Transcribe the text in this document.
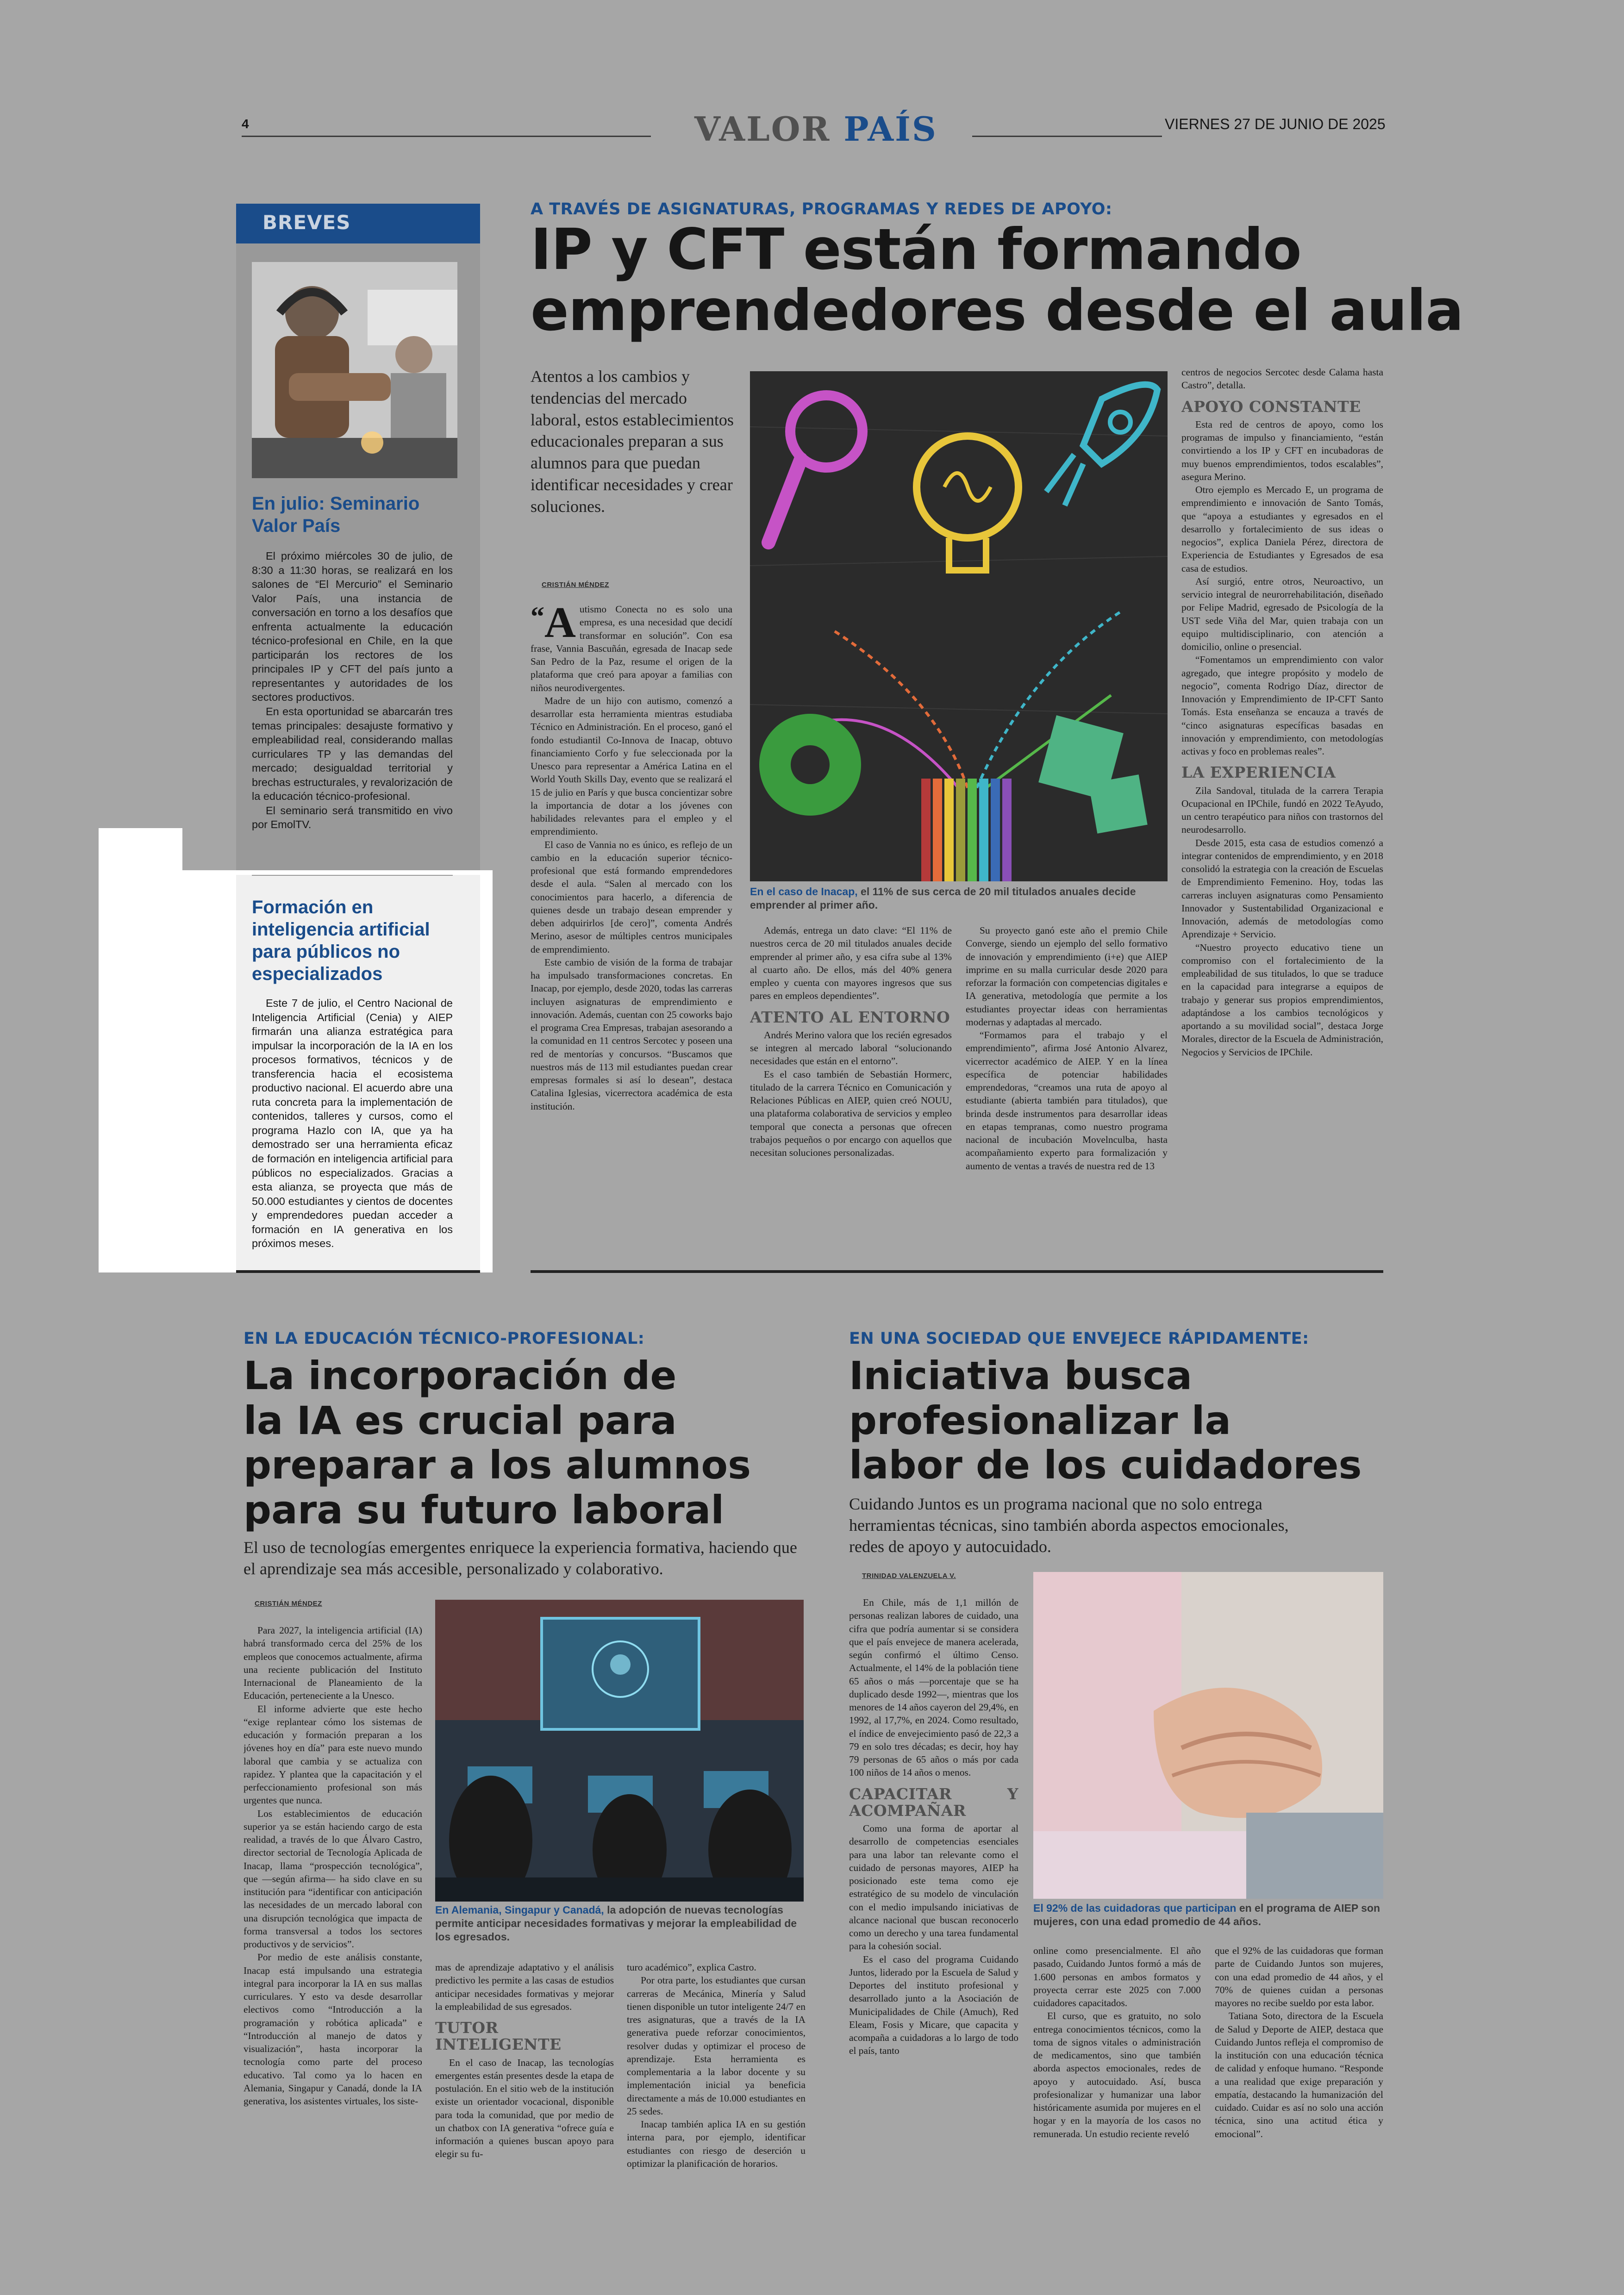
4	VALOR PAÍS	VIERNES 27 DE JUNIO DE 2025
BREVES
En julio: Seminario Valor País

El próximo miércoles 30 de julio, de 8:30 a 11:30 horas, se realizará en los salones de “El Mercurio” el Seminario Valor País, una instancia de conversación en torno a los desafíos que enfrenta actualmente la educación técnico-profesional en Chile, en la que participarán los rectores de los principales IP y CFT del país junto a representantes y autoridades de los sectores productivos.

En esta oportunidad se abarcarán tres temas principales: desajuste formativo y empleabilidad real, considerando mallas curriculares TP y las demandas del mercado; desigualdad territorial y brechas estructurales, y revalorización de la educación técnico-profesional.

El seminario será transmitido en vivo por EmolTV.

Formación en inteligencia artificial para públicos no especializados

Este 7 de julio, el Centro Nacional de Inteligencia Artificial (Cenia) y AIEP firmarán una alianza estratégica para impulsar la incorporación de la IA en los procesos formativos, técnicos y de transferencia hacia el ecosistema productivo nacional. El acuerdo abre una ruta concreta para la implementación de contenidos, talleres y cursos, como el programa Hazlo con IA, que ya ha demostrado ser una herramienta eficaz de formación en inteligencia artificial para públicos no especializados. Gracias a esta alianza, se proyecta que más de 50.000 estudiantes y cientos de docentes y emprendedores puedan acceder a formación en IA generativa en los próximos meses.

A TRAVÉS DE ASIGNATURAS, PROGRAMAS Y REDES DE APOYO:
IP y CFT están formando
emprendedores desde el aula
Atentos a los cambios y tendencias del mercado laboral, estos establecimientos educacionales preparan a sus alumnos para que puedan identificar necesidades y crear soluciones.
CRISTIÁN MÉNDEZ
“A utismo Conecta no es solo una empresa, es una necesidad que decidí transformar en solución”. Con esa frase, Vannia Bascuñán, egresada de Inacap sede San Pedro de la Paz, resume el origen de la plataforma que creó para apoyar a familias con niños neurodivergentes.

Madre de un hijo con autismo, comenzó a desarrollar esta herramienta mientras estudiaba Técnico en Administración. En el proceso, ganó el fondo estudiantil Co-Innova de Inacap, obtuvo financiamiento Corfo y fue seleccionada por la Unesco para representar a América Latina en el World Youth Skills Day, evento que se realizará el 15 de julio en París y que busca concientizar sobre la importancia de dotar a los jóvenes con habilidades relevantes para el empleo y el emprendimiento.

El caso de Vannia no es único, es reflejo de un cambio en la educación superior técnico-profesional que está formando emprendedores desde el aula. “Salen al mercado con los conocimientos para hacerlo, a diferencia de quienes desde un trabajo desean emprender y deben adquirirlos [de cero]”, comenta Andrés Merino, asesor de múltiples centros municipales de emprendimiento.

Este cambio de visión de la forma de trabajar ha impulsado transformaciones concretas. En Inacap, por ejemplo, desde 2020, todas las carreras incluyen asignaturas de emprendimiento e innovación. Además, cuentan con 25 coworks bajo el programa Crea Empresas, trabajan asesorando a la comunidad en 11 centros Sercotec y poseen una red de mentorías y concursos. “Buscamos que nuestros más de 113 mil estudiantes puedan crear empresas formales si así lo desean”, destaca Catalina Iglesias, vicerrectora académica de esta institución.

En el caso de Inacap, el 11% de sus cerca de 20 mil titulados anuales decide emprender al primer año.

Además, entrega un dato clave: “El 11% de nuestros cerca de 20 mil titulados anuales decide emprender al primer año, y esa cifra sube al 13% al cuarto año. De ellos, más del 40% genera empleo y cuenta con mayores ingresos que sus pares en empleos dependientes”.

ATENTO AL ENTORNO

Andrés Merino valora que los recién egresados se integren al mercado laboral “solucionando necesidades que están en el entorno”.

Es el caso también de Sebastián Hormerc, titulado de la carrera Técnico en Comunicación y Relaciones Públicas en AIEP, quien creó NOUU, una plataforma colaborativa de servicios y empleo temporal que conecta a personas que ofrecen trabajos pequeños o por encargo con aquellos que necesitan soluciones personalizadas.

Su proyecto ganó este año el premio Chile Converge, siendo un ejemplo del sello formativo de innovación y emprendimiento (i+e) que AIEP imprime en su malla curricular desde 2020 para reforzar la formación con competencias digitales e IA generativa, metodología que permite a los estudiantes proyectar ideas con herramientas modernas y adaptadas al mercado.

“Formamos para el trabajo y el emprendimiento”, afirma José Antonio Alvarez, vicerrector académico de AIEP. Y en la línea específica de potenciar habilidades emprendedoras, “creamos una ruta de apoyo al estudiante (abierta también para titulados), que brinda desde instrumentos para desarrollar ideas en etapas tempranas, como nuestro programa nacional de incubación Movelnculba, hasta acompañamiento experto para formalización y aumento de ventas a través de nuestra red de 13

centros de negocios Sercotec desde Calama hasta Castro”, detalla.

APOYO CONSTANTE

Esta red de centros de apoyo, como los programas de impulso y financiamiento, “están convirtiendo a los IP y CFT en incubadoras de muy buenos emprendimientos, todos escalables”, asegura Merino.

Otro ejemplo es Mercado E, un programa de emprendimiento e innovación de Santo Tomás, que “apoya a estudiantes y egresados en el desarrollo y fortalecimiento de sus ideas o negocios”, explica Daniela Pérez, directora de Experiencia de Estudiantes y Egresados de esa casa de estudios.

Así surgió, entre otros, Neuroactivo, un servicio integral de neurorrehabilitación, diseñado por Felipe Madrid, egresado de Psicología de la UST sede Viña del Mar, quien trabaja con un equipo multidisciplinario, con atención a domicilio, online o presencial.

“Fomentamos un emprendimiento con valor agregado, que integre propósito y modelo de negocio”, comenta Rodrigo Díaz, director de Innovación y Emprendimiento de IP-CFT Santo Tomás. Esta enseñanza se encauza a través de “cinco asignaturas específicas basadas en innovación y emprendimiento, con metodologías activas y foco en problemas reales”.

LA EXPERIENCIA

Zila Sandoval, titulada de la carrera Terapia Ocupacional en IPChile, fundó en 2022 TeAyudo, un centro terapéutico para niños con trastornos del neurodesarrollo.

Desde 2015, esta casa de estudios comenzó a integrar contenidos de emprendimiento, y en 2018 consolidó la estrategia con la creación de Escuelas de Emprendimiento Femenino. Hoy, todas las carreras incluyen asignaturas como Pensamiento Innovador y Sustentabilidad Organizacional e Innovación, además de metodologías como Aprendizaje + Servicio.

“Nuestro proyecto educativo tiene un compromiso con el fortalecimiento de la empleabilidad de sus titulados, lo que se traduce en la capacidad para integrarse a equipos de trabajo y generar sus propios emprendimientos, adaptándose a los cambios tecnológicos y aportando a su movilidad social”, destaca Jorge Morales, director de la Escuela de Administración, Negocios y Servicios de IPChile.

EN LA EDUCACIÓN TÉCNICO-PROFESIONAL:
La incorporación de
la IA es crucial para
preparar a los alumnos
para su futuro laboral
El uso de tecnologías emergentes enriquece la experiencia formativa, haciendo que el aprendizaje sea más accesible, personalizado y colaborativo.
CRISTIÁN MÉNDEZ

Para 2027, la inteligencia artificial (IA) habrá transformado cerca del 25% de los empleos que conocemos actualmente, afirma una reciente publicación del Instituto Internacional de Planeamiento de la Educación, perteneciente a la Unesco.

El informe advierte que este hecho “exige replantear cómo los sistemas de educación y formación preparan a los jóvenes hoy en día” para este nuevo mundo laboral que cambia y se actualiza con rapidez. Y plantea que la capacitación y el perfeccionamiento profesional son más urgentes que nunca.

Los establecimientos de educación superior ya se están haciendo cargo de esta realidad, a través de lo que Álvaro Castro, director sectorial de Tecnología Aplicada de Inacap, llama “prospección tecnológica”, que —según afirma— ha sido clave en su institución para “identificar con anticipación las necesidades de un mercado laboral con una disrupción tecnológica que impacta de forma transversal a todos los sectores productivos y de servicios”.

Por medio de este análisis constante, Inacap está impulsando una estrategia integral para incorporar la IA en sus mallas curriculares. Y esto va desde desarrollar electivos como “Introducción a la programación y robótica aplicada” e “Introducción al manejo de datos y visualización”, hasta incorporar la tecnología como parte del proceso educativo. Tal como ya lo hacen en Alemania, Singapur y Canadá, donde la IA generativa, los asistentes virtuales, los siste-

En Alemania, Singapur y Canadá, la adopción de nuevas tecnologías permite anticipar necesidades formativas y mejorar la empleabilidad de los egresados.

mas de aprendizaje adaptativo y el análisis predictivo les permite a las casas de estudios anticipar necesidades formativas y mejorar la empleabilidad de sus egresados.

TUTOR INTELIGENTE

En el caso de Inacap, las tecnologías emergentes están presentes desde la etapa de postulación. En el sitio web de la institución existe un orientador vocacional, disponible para toda la comunidad, que por medio de un chatbox con IA generativa “ofrece guía e información a quienes buscan apoyo para elegir su fu-

turo académico”, explica Castro.

Por otra parte, los estudiantes que cursan carreras de Mecánica, Minería y Salud tienen disponible un tutor inteligente 24/7 en tres asignaturas, que a través de la IA generativa puede reforzar conocimientos, resolver dudas y optimizar el proceso de aprendizaje. Esta herramienta es complementaria a la labor docente y su implementación inicial ya beneficia directamente a más de 10.000 estudiantes en 25 sedes.

Inacap también aplica IA en su gestión interna para, por ejemplo, identificar estudiantes con riesgo de deserción u optimizar la planificación de horarios.

EN UNA SOCIEDAD QUE ENVEJECE RÁPIDAMENTE:
Iniciativa busca
profesionalizar la
labor de los cuidadores
Cuidando Juntos es un programa nacional que no solo entrega herramientas técnicas, sino también aborda aspectos emocionales, redes de apoyo y autocuidado.
TRINIDAD VALENZUELA V.

En Chile, más de 1,1 millón de personas realizan labores de cuidado, una cifra que podría aumentar si se considera que el país envejece de manera acelerada, según confirmó el último Censo. Actualmente, el 14% de la población tiene 65 años o más —porcentaje que se ha duplicado desde 1992—, mientras que los menores de 14 años cayeron del 29,4%, en 1992, al 17,7%, en 2024. Como resultado, el índice de envejecimiento pasó de 22,3 a 79 en solo tres décadas; es decir, hoy hay 79 personas de 65 años o más por cada 100 niños de 14 años o menos.

CAPACITAR Y ACOMPAÑAR

Como una forma de aportar al desarrollo de competencias esenciales para una labor tan relevante como el cuidado de personas mayores, AIEP ha posicionado este tema como eje estratégico de su modelo de vinculación con el medio impulsando iniciativas de alcance nacional que buscan reconocerlo como un derecho y una tarea fundamental para la cohesión social.

Es el caso del programa Cuidando Juntos, liderado por la Escuela de Salud y Deportes del instituto profesional y desarrollado junto a la Asociación de Municipalidades de Chile (Amuch), Red Eleam, Fosis y Micare, que capacita y acompaña a cuidadoras a lo largo de todo el país, tanto

El 92% de las cuidadoras que participan en el programa de AIEP son mujeres, con una edad promedio de 44 años.

online como presencialmente. El año pasado, Cuidando Juntos formó a más de 1.600 personas en ambos formatos y proyecta cerrar este 2025 con 7.000 cuidadores capacitados.

El curso, que es gratuito, no solo entrega conocimientos técnicos, como la toma de signos vitales o administración de medicamentos, sino que también aborda aspectos emocionales, redes de apoyo y autocuidado. Así, busca profesionalizar y humanizar una labor históricamente asumida por mujeres en el hogar y en la mayoría de los casos no remunerada. Un estudio reciente reveló

que el 92% de las cuidadoras que forman parte de Cuidando Juntos son mujeres, con una edad promedio de 44 años, y el 70% de quienes cuidan a personas mayores no recibe sueldo por esta labor.

Tatiana Soto, directora de la Escuela de Salud y Deporte de AIEP, destaca que Cuidando Juntos refleja el compromiso de la institución con una educación técnica de calidad y enfoque humano. “Responde a una realidad que exige preparación y empatía, destacando la humanización del cuidado. Cuidar es así no solo una acción técnica, sino una actitud ética y emocional”.
